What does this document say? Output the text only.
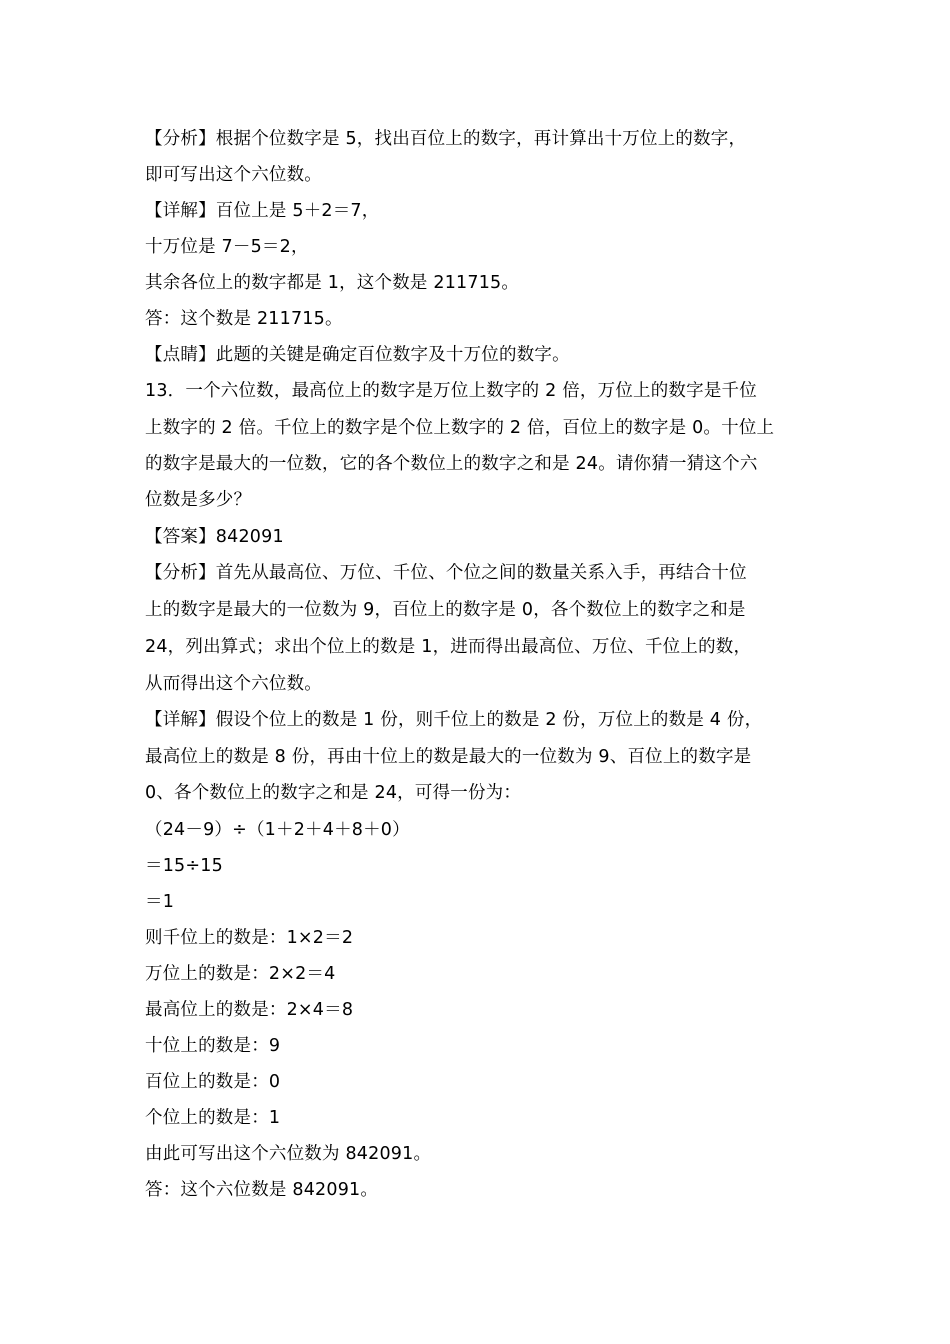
【分析】根据个位数字是 5，找出百位上的数字，再计算出十万位上的数字，
即可写出这个六位数。
【详解】百位上是 5＋2＝7，
十万位是 7－5＝2，
其余各位上的数字都是 1，这个数是 211715。
答：这个数是 211715。
【点睛】此题的关键是确定百位数字及十万位的数字。
13．一个六位数，最高位上的数字是万位上数字的 2 倍，万位上的数字是千位
上数字的 2 倍。千位上的数字是个位上数字的 2 倍，百位上的数字是 0。十位上
的数字是最大的一位数，它的各个数位上的数字之和是 24。请你猜一猜这个六
位数是多少？
【答案】842091
【分析】首先从最高位、万位、千位、个位之间的数量关系入手，再结合十位
上的数字是最大的一位数为 9，百位上的数字是 0，各个数位上的数字之和是
24，列出算式；求出个位上的数是 1，进而得出最高位、万位、千位上的数，
从而得出这个六位数。
【详解】假设个位上的数是 1 份，则千位上的数是 2 份，万位上的数是 4 份，
最高位上的数是 8 份，再由十位上的数是最大的一位数为 9、百位上的数字是
0、各个数位上的数字之和是 24，可得一份为：
（24－9）÷（1＋2＋4＋8＋0）
＝15÷15
＝1
则千位上的数是：1×2＝2
万位上的数是：2×2＝4
最高位上的数是：2×4＝8
十位上的数是：9
百位上的数是：0
个位上的数是：1
由此可写出这个六位数为 842091。
答：这个六位数是 842091。
